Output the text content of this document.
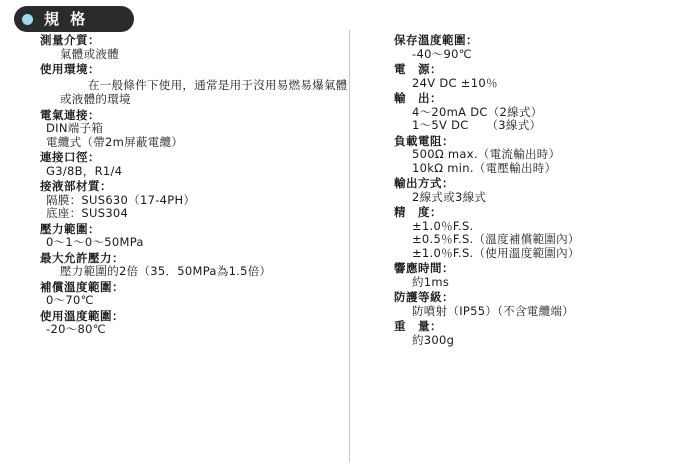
規 格
測量介質：
氣體或液體
使用環境：
在一般條件下使用，通常是用于沒用易燃易爆氣體或液體的環境
電氣連接：
DIN端子箱
電纜式（帶2m屏蔽電纜）
連接口徑：
G3/8B，R1/4
接液部材質：
隔膜：SUS630（17-4PH）
底座：SUS304
壓力範圍：
0～1～0～50MPa
最大允許壓力：
壓力範圍的2倍（35．50MPa為1.5倍）
補償溫度範圍：
0～70℃
使用溫度範圍：
-20～80℃
保存溫度範圍：
-40～90℃
電　源：
24V DC ±10％
輸　出：
4～20mA DC（2線式）
1～5V DC　　（3線式）
負載電阻：
500Ω max.（電流輸出時）
10kΩ min.（電壓輸出時）
輸出方式：
2線式或3線式
精　度：
±1.0％F.S.
±0.5％F.S.（溫度補償範圍內）
±1.0％F.S.（使用溫度範圍內）
響應時間：
約1ms
防護等級：
防噴射（IP55）（不含電纜端）
重　量：
約300g
